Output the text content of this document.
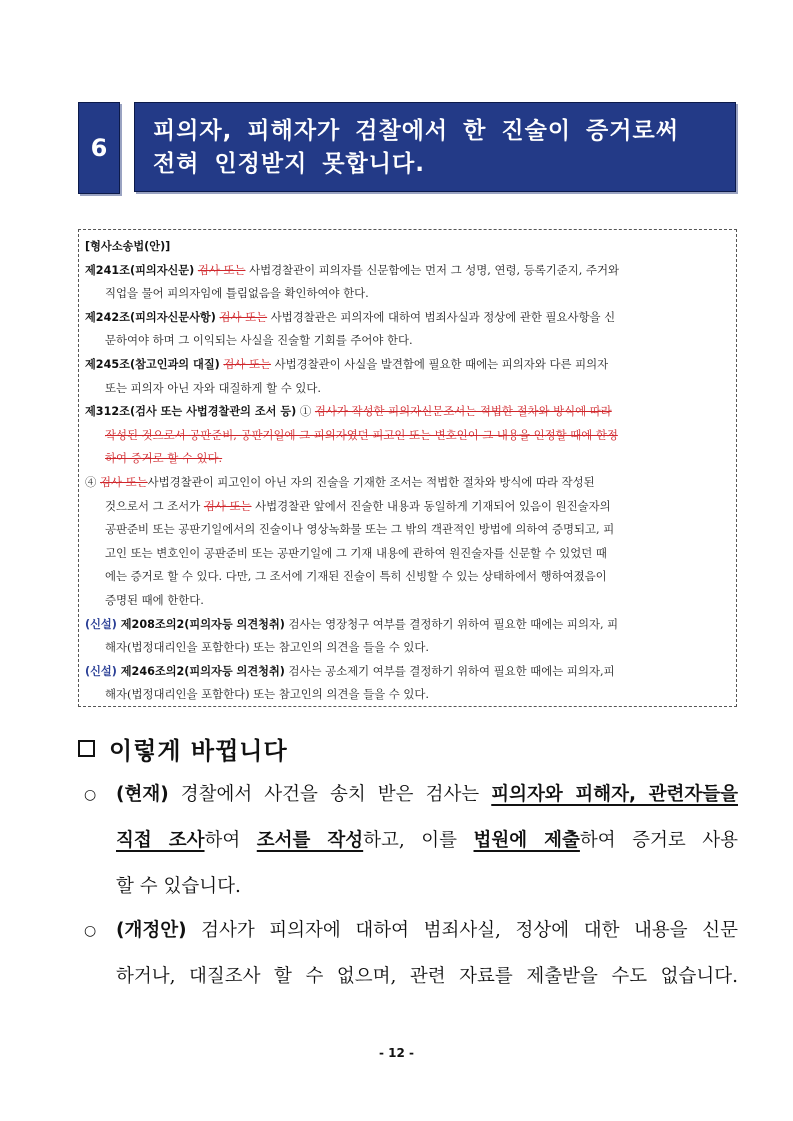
6
피의자, 피해자가 검찰에서 한 진술이 증거로써
전혀 인정받지 못합니다.

[형사소송법(안)]

제241조(피의자신문) 검사 또는 사법경찰관이 피의자를 신문함에는 먼저 그 성명, 연령, 등록기준지, 주거와

직업을 물어 피의자임에 틀림없음을 확인하여야 한다.

제242조(피의자신문사항) 검사 또는 사법경찰관은 피의자에 대하여 범죄사실과 정상에 관한 필요사항을 신

문하여야 하며 그 이익되는 사실을 진술할 기회를 주어야 한다.

제245조(참고인과의 대질) 검사 또는 사법경찰관이 사실을 발견함에 필요한 때에는 피의자와 다른 피의자

또는 피의자 아닌 자와 대질하게 할 수 있다.

제312조(검사 또는 사법경찰관의 조서 등) ① 검사가 작성한 피의자신문조서는 적법한 절차와 방식에 따라

작성된 것으로서 공판준비, 공판기일에 그 피의자였던 피고인 또는 변호인이 그 내용을 인정할 때에 한정

하여 증거로 할 수 있다.

④ 검사 또는사법경찰관이 피고인이 아닌 자의 진술을 기재한 조서는 적법한 절차와 방식에 따라 작성된

것으로서 그 조서가 검사 또는 사법경찰관 앞에서 진술한 내용과 동일하게 기재되어 있음이 원진술자의

공판준비 또는 공판기일에서의 진술이나 영상녹화물 또는 그 밖의 객관적인 방법에 의하여 증명되고, 피

고인 또는 변호인이 공판준비 또는 공판기일에 그 기재 내용에 관하여 원진술자를 신문할 수 있었던 때

에는 증거로 할 수 있다. 다만, 그 조서에 기재된 진술이 특히 신빙할 수 있는 상태하에서 행하여졌음이

증명된 때에 한한다.

(신설) 제208조의2(피의자등 의견청취) 검사는 영장청구 여부를 결정하기 위하여 필요한 때에는 피의자, 피

해자(법정대리인을 포함한다) 또는 참고인의 의견을 들을 수 있다.

(신설) 제246조의2(피의자등 의견청취) 검사는 공소제기 여부를 결정하기 위하여 필요한 때에는 피의자,피

해자(법정대리인을 포함한다) 또는 참고인의 의견을 들을 수 있다.

이렇게 바뀝니다
○ (현재) 경찰에서 사건을 송치 받은 검사는 피의자와 피해자, 관련자들을
직접 조사하여 조서를 작성하고, 이를 법원에 제출하여 증거로 사용
할 수 있습니다.
○ (개정안) 검사가 피의자에 대하여 범죄사실, 정상에 대한 내용을 신문
하거나, 대질조사 할 수 없으며, 관련 자료를 제출받을 수도 없습니다.
- 12 -
